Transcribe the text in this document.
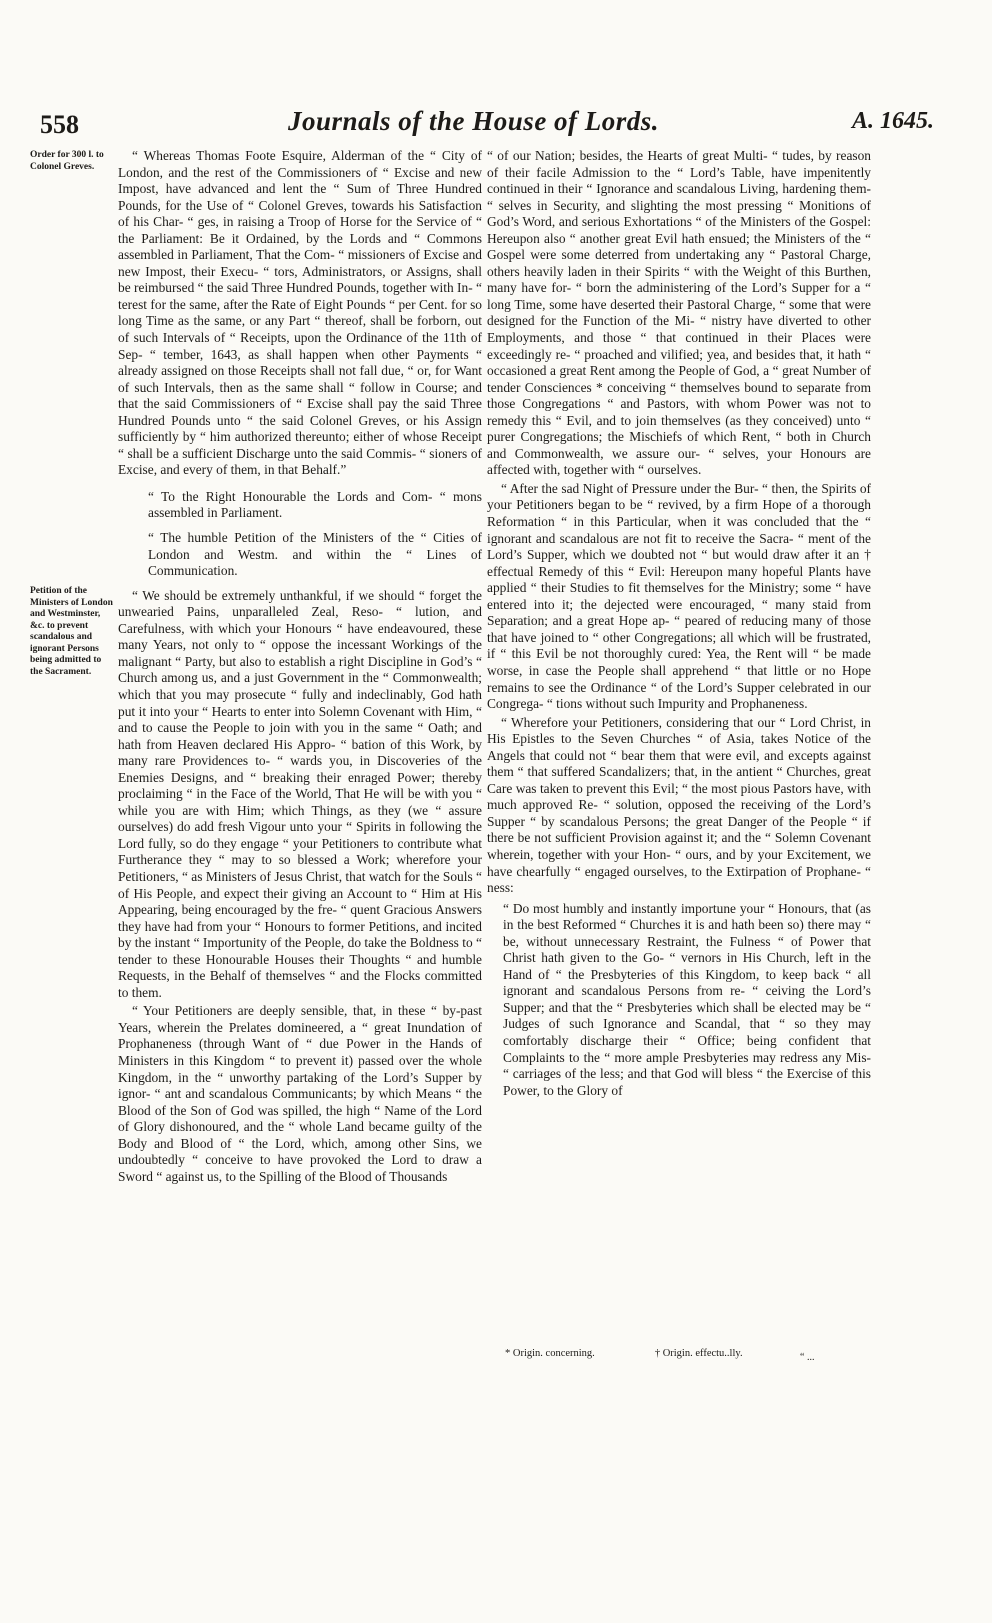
558	Journals of the House of Lords.	A. 1645.
Order for 300 l. to Colonel Greves.
Petition of the Ministers of London and Westminster, &c. to prevent scandalous and ignorant Persons being admitted to the Sacrament.

“ Whereas Thomas Foote Esquire, Alderman of the “ City of London, and the rest of the Commissioners of “ Excise and new Impost, have advanced and lent the “ Sum of Three Hundred Pounds, for the Use of “ Colonel Greves, towards his Satisfaction of his Char- “ ges, in raising a Troop of Horse for the Service of “ the Parliament: Be it Ordained, by the Lords and “ Commons assembled in Parliament, That the Com- “ missioners of Excise and new Impost, their Execu- “ tors, Administrators, or Assigns, shall be reimbursed “ the said Three Hundred Pounds, together with In- “ terest for the same, after the Rate of Eight Pounds “ per Cent. for so long Time as the same, or any Part “ thereof, shall be forborn, out of such Intervals of “ Receipts, upon the Ordinance of the 11th of Sep- “ tember, 1643, as shall happen when other Payments “ already assigned on those Receipts shall not fall due, “ or, for Want of such Intervals, then as the same shall “ follow in Course; and that the said Commissioners of “ Excise shall pay the said Three Hundred Pounds unto “ the said Colonel Greves, or his Assign sufficiently by “ him authorized thereunto; either of whose Receipt “ shall be a sufficient Discharge unto the said Commis- “ sioners of Excise, and every of them, in that Behalf.”

“ To the Right Honourable the Lords and Com- “ mons assembled in Parliament.

“ The humble Petition of the Ministers of the “ Cities of London and Westm. and within the “ Lines of Communication.

“ We should be extremely unthankful, if we should “ forget the unwearied Pains, unparalleled Zeal, Reso- “ lution, and Carefulness, with which your Honours “ have endeavoured, these many Years, not only to “ oppose the incessant Workings of the malignant “ Party, but also to establish a right Discipline in God’s “ Church among us, and a just Government in the “ Commonwealth; which that you may prosecute “ fully and indeclinably, God hath put it into your “ Hearts to enter into Solemn Covenant with Him, “ and to cause the People to join with you in the same “ Oath; and hath from Heaven declared His Appro- “ bation of this Work, by many rare Providences to- “ wards you, in Discoveries of the Enemies Designs, and “ breaking their enraged Power; thereby proclaiming “ in the Face of the World, That He will be with you “ while you are with Him; which Things, as they (we “ assure ourselves) do add fresh Vigour unto your “ Spirits in following the Lord fully, so do they engage “ your Petitioners to contribute what Furtherance they “ may to so blessed a Work; wherefore your Petitioners, “ as Ministers of Jesus Christ, that watch for the Souls “ of His People, and expect their giving an Account to “ Him at His Appearing, being encouraged by the fre- “ quent Gracious Answers they have had from your “ Honours to former Petitions, and incited by the instant “ Importunity of the People, do take the Boldness to “ tender to these Honourable Houses their Thoughts “ and humble Requests, in the Behalf of themselves “ and the Flocks committed to them.

“ Your Petitioners are deeply sensible, that, in these “ by-past Years, wherein the Prelates domineered, a “ great Inundation of Prophaneness (through Want of “ due Power in the Hands of Ministers in this Kingdom “ to prevent it) passed over the whole Kingdom, in the “ unworthy partaking of the Lord’s Supper by ignor- “ ant and scandalous Communicants; by which Means “ the Blood of the Son of God was spilled, the high “ Name of the Lord of Glory dishonoured, and the “ whole Land became guilty of the Body and Blood of “ the Lord, which, among other Sins, we undoubtedly “ conceive to have provoked the Lord to draw a Sword “ against us, to the Spilling of the Blood of Thousands

“ of our Nation; besides, the Hearts of great Multi- “ tudes, by reason of their facile Admission to the “ Lord’s Table, have impenitently continued in their “ Ignorance and scandalous Living, hardening them- “ selves in Security, and slighting the most pressing “ Monitions of God’s Word, and serious Exhortations “ of the Ministers of the Gospel: Hereupon also “ another great Evil hath ensued; the Ministers of the “ Gospel were some deterred from undertaking any “ Pastoral Charge, others heavily laden in their Spirits “ with the Weight of this Burthen, many have for- “ born the administering of the Lord’s Supper for a “ long Time, some have deserted their Pastoral Charge, “ some that were designed for the Function of the Mi- “ nistry have diverted to other Employments, and those “ that continued in their Places were exceedingly re- “ proached and vilified; yea, and besides that, it hath “ occasioned a great Rent among the People of God, a “ great Number of tender Consciences * conceiving “ themselves bound to separate from those Congregations “ and Pastors, with whom Power was not to remedy this “ Evil, and to join themselves (as they conceived) unto “ purer Congregations; the Mischiefs of which Rent, “ both in Church and Commonwealth, we assure our- “ selves, your Honours are affected with, together with “ ourselves.

“ After the sad Night of Pressure under the Bur- “ then, the Spirits of your Petitioners began to be “ revived, by a firm Hope of a thorough Reformation “ in this Particular, when it was concluded that the “ ignorant and scandalous are not fit to receive the Sacra- “ ment of the Lord’s Supper, which we doubted not “ but would draw after it an † effectual Remedy of this “ Evil: Hereupon many hopeful Plants have applied “ their Studies to fit themselves for the Ministry; some “ have entered into it; the dejected were encouraged, “ many staid from Separation; and a great Hope ap- “ peared of reducing many of those that have joined to “ other Congregations; all which will be frustrated, if “ this Evil be not thoroughly cured: Yea, the Rent will “ be made worse, in case the People shall apprehend “ that little or no Hope remains to see the Ordinance “ of the Lord’s Supper celebrated in our Congrega- “ tions without such Impurity and Prophaneness.

“ Wherefore your Petitioners, considering that our “ Lord Christ, in His Epistles to the Seven Churches “ of Asia, takes Notice of the Angels that could not “ bear them that were evil, and excepts against them “ that suffered Scandalizers; that, in the antient “ Churches, great Care was taken to prevent this Evil; “ the most pious Pastors have, with much approved Re- “ solution, opposed the receiving of the Lord’s Supper “ by scandalous Persons; the great Danger of the People “ if there be not sufficient Provision against it; and the “ Solemn Covenant wherein, together with your Hon- “ ours, and by your Excitement, we have chearfully “ engaged ourselves, to the Extirpation of Prophane- “ ness:

“ Do most humbly and instantly importune your “ Honours, that (as in the best Reformed “ Churches it is and hath been so) there may “ be, without unnecessary Restraint, the Fulness “ of Power that Christ hath given to the Go- “ vernors in His Church, left in the Hand of “ the Presbyteries of this Kingdom, to keep back “ all ignorant and scandalous Persons from re- “ ceiving the Lord’s Supper; and that the “ Presbyteries which shall be elected may be “ Judges of such Ignorance and Scandal, that “ so they may comfortably discharge their “ Office; being confident that Complaints to the “ more ample Presbyteries may redress any Mis- “ carriages of the less; and that God will bless “ the Exercise of this Power, to the Glory of

* Origin. concerning.	† Origin. effectu..lly.	“ ...
